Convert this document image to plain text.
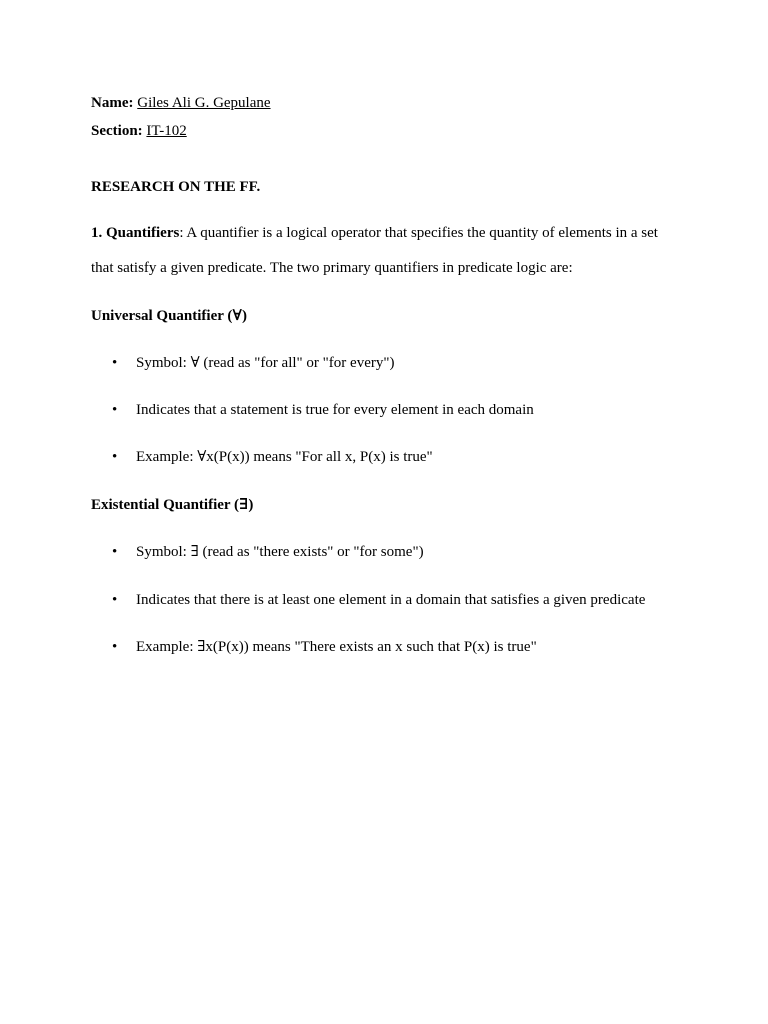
Name: Giles Ali G. Gepulane
Section: IT-102
RESEARCH ON THE FF.
1. Quantifiers: A quantifier is a logical operator that specifies the quantity of elements in a set
that satisfy a given predicate. The two primary quantifiers in predicate logic are:
Universal Quantifier (∀)
• Symbol: ∀ (read as "for all" or "for every")
• Indicates that a statement is true for every element in each domain
• Example: ∀x(P(x)) means "For all x, P(x) is true"
Existential Quantifier (∃)
• Symbol: ∃ (read as "there exists" or "for some")
• Indicates that there is at least one element in a domain that satisfies a given predicate
• Example: ∃x(P(x)) means "There exists an x such that P(x) is true"
